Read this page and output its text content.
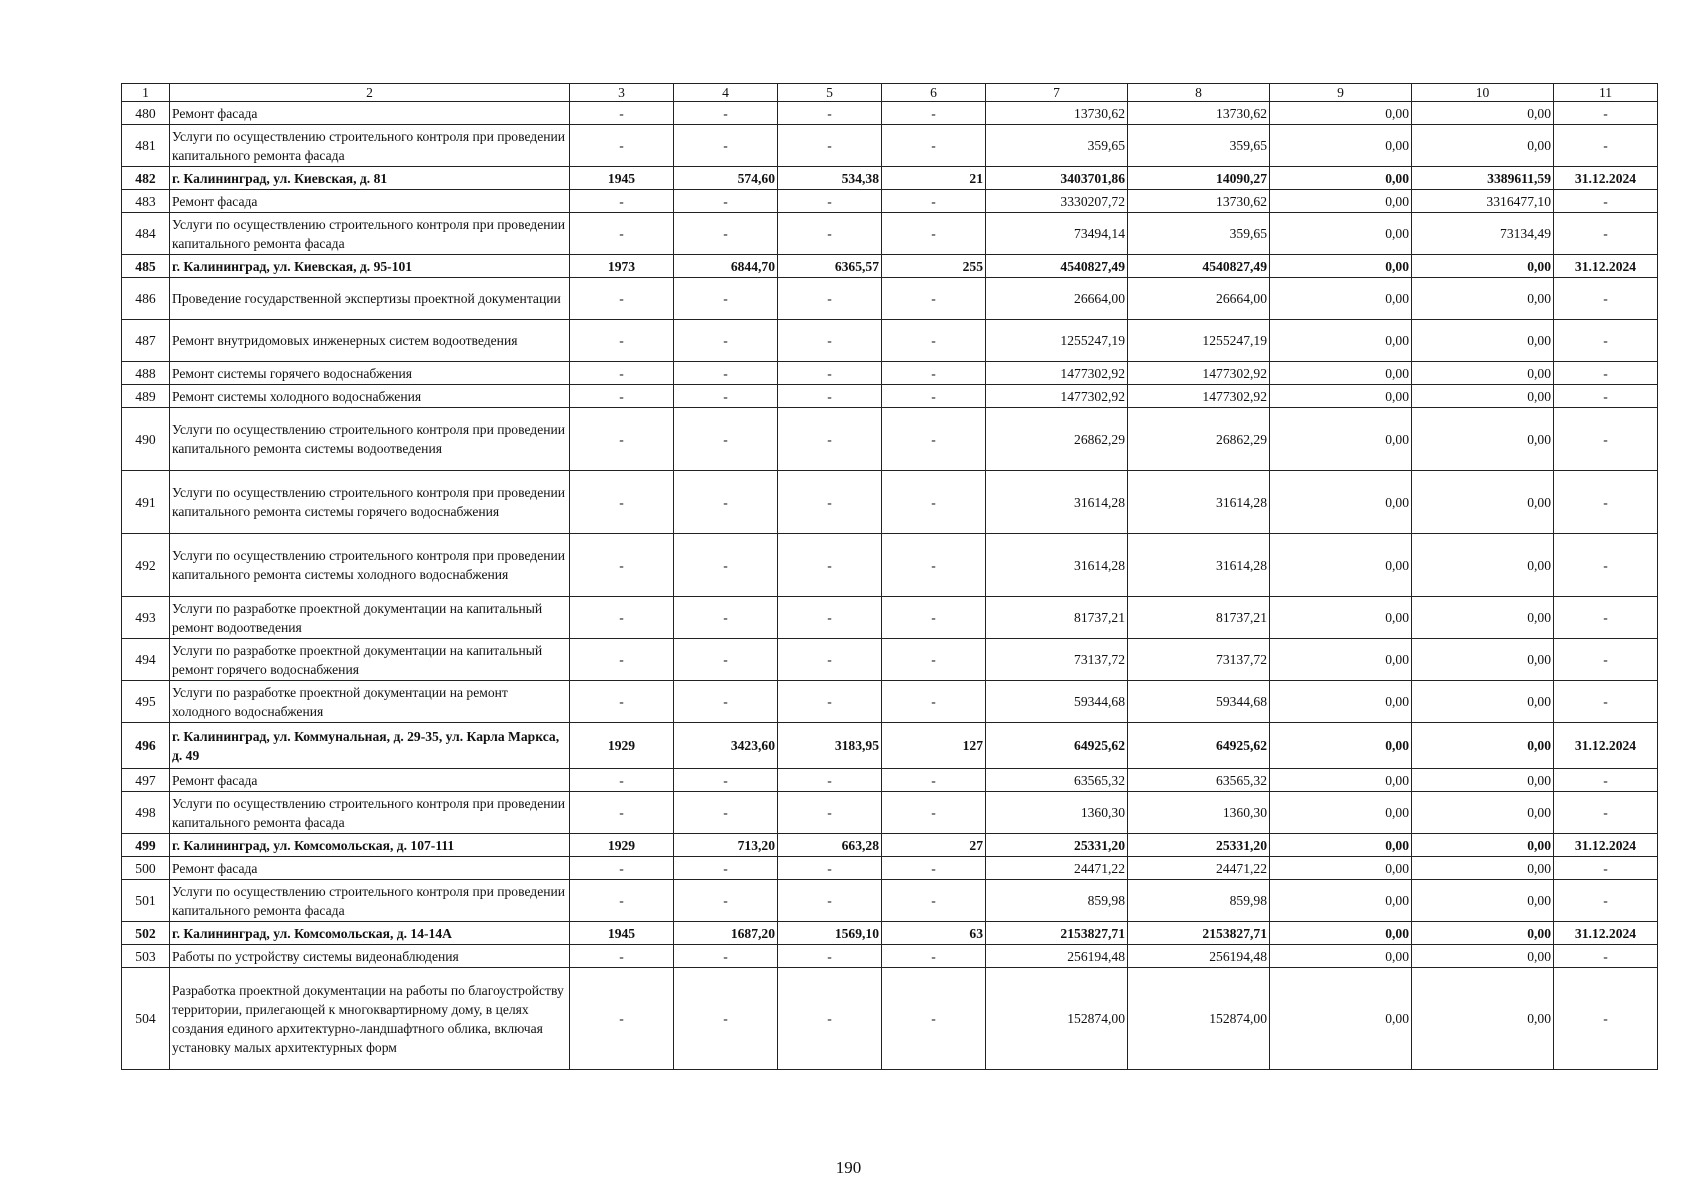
1	2	3	4	5	6	7	8	9	10	11
480	Ремонт фасада	-	-	-	-	13730,62	13730,62	0,00	0,00	-
481	Услуги по осуществлению строительного контроля при проведении капитального ремонта фасада	-	-	-	-	359,65	359,65	0,00	0,00	-
482	г. Калининград, ул. Киевская, д. 81	1945	574,60	534,38	21	3403701,86	14090,27	0,00	3389611,59	31.12.2024
483	Ремонт фасада	-	-	-	-	3330207,72	13730,62	0,00	3316477,10	-
484	Услуги по осуществлению строительного контроля при проведении капитального ремонта фасада	-	-	-	-	73494,14	359,65	0,00	73134,49	-
485	г. Калининград, ул. Киевская, д. 95-101	1973	6844,70	6365,57	255	4540827,49	4540827,49	0,00	0,00	31.12.2024
486	Проведение государственной экспертизы проектной документации	-	-	-	-	26664,00	26664,00	0,00	0,00	-
487	Ремонт внутридомовых инженерных систем водоотведения	-	-	-	-	1255247,19	1255247,19	0,00	0,00	-
488	Ремонт системы горячего водоснабжения	-	-	-	-	1477302,92	1477302,92	0,00	0,00	-
489	Ремонт системы холодного водоснабжения	-	-	-	-	1477302,92	1477302,92	0,00	0,00	-
490	Услуги по осуществлению строительного контроля при проведении капитального ремонта системы водоотведения	-	-	-	-	26862,29	26862,29	0,00	0,00	-
491	Услуги по осуществлению строительного контроля при проведении капитального ремонта системы горячего водоснабжения	-	-	-	-	31614,28	31614,28	0,00	0,00	-
492	Услуги по осуществлению строительного контроля при проведении капитального ремонта системы холодного водоснабжения	-	-	-	-	31614,28	31614,28	0,00	0,00	-
493	Услуги по разработке проектной документации на капитальный ремонт водоотведения	-	-	-	-	81737,21	81737,21	0,00	0,00	-
494	Услуги по разработке проектной документации на капитальный ремонт горячего водоснабжения	-	-	-	-	73137,72	73137,72	0,00	0,00	-
495	Услуги по разработке проектной документации на ремонт холодного водоснабжения	-	-	-	-	59344,68	59344,68	0,00	0,00	-
496	г. Калининград, ул. Коммунальная, д. 29-35, ул. Карла Маркса, д. 49	1929	3423,60	3183,95	127	64925,62	64925,62	0,00	0,00	31.12.2024
497	Ремонт фасада	-	-	-	-	63565,32	63565,32	0,00	0,00	-
498	Услуги по осуществлению строительного контроля при проведении капитального ремонта фасада	-	-	-	-	1360,30	1360,30	0,00	0,00	-
499	г. Калининград, ул. Комсомольская, д. 107-111	1929	713,20	663,28	27	25331,20	25331,20	0,00	0,00	31.12.2024
500	Ремонт фасада	-	-	-	-	24471,22	24471,22	0,00	0,00	-
501	Услуги по осуществлению строительного контроля при проведении капитального ремонта фасада	-	-	-	-	859,98	859,98	0,00	0,00	-
502	г. Калининград, ул. Комсомольская, д. 14-14А	1945	1687,20	1569,10	63	2153827,71	2153827,71	0,00	0,00	31.12.2024
503	Работы по устройству системы видеонаблюдения	-	-	-	-	256194,48	256194,48	0,00	0,00	-
504	Разработка проектной документации на работы по благоустройству территории, прилегающей к многоквартирному дому, в целях создания единого архитектурно-ландшафтного облика, включая установку малых архитектурных форм	-	-	-	-	152874,00	152874,00	0,00	0,00	-
190
